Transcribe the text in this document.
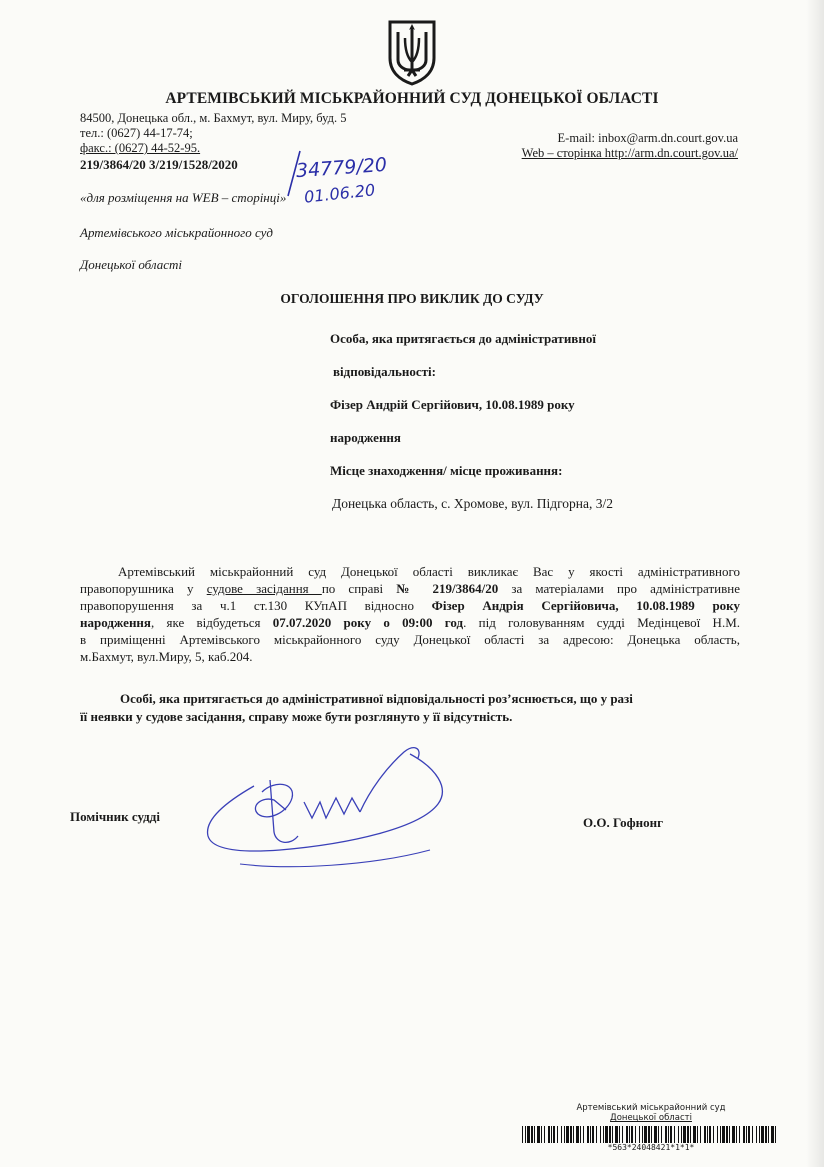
АРТЕМІВСЬКИЙ МІСЬКРАЙОННИЙ СУД ДОНЕЦЬКОЇ ОБЛАСТІ
84500, Донецька обл., м. Бахмут, вул. Миру, буд. 5
тел.: (0627) 44-17-74;
факс.: (0627) 44-52-95.
E-mail: inbox@arm.dn.court.gov.ua
Web – сторінка http://arm.dn.court.gov.ua/
219/3864/20 3/219/1528/2020	34779/20
01.06.20
«для розміщення на WEB – сторінці»
Артемівського міськрайонного суд
Донецької області
ОГОЛОШЕННЯ ПРО ВИКЛИК ДО СУДУ
Особа, яка притягається до адміністративної
відповідальності:
Фізер Андрій Сергійович, 10.08.1989 року
народження
Місце знаходження/ місце проживання:
Донецька область, с. Хромове, вул. Підгорна, 3/2
Артемівський міськрайонний суд Донецької області викликає Вас у якості адміністративного
правопорушника у судове засідання по справі № 219/3864/20 за матеріалами про адміністративне
правопорушення за ч.1 ст.130 КУпАП відносно Фізер Андрія Сергійовича, 10.08.1989 року
народження, яке відбудеться 07.07.2020 року о 09:00 год. під головуванням судді Медінцевої Н.М.
в приміщенні Артемівського міськрайонного суду Донецької області за адресою: Донецька область,
м.Бахмут, вул.Миру, 5, каб.204.
Особі, яка притягається до адміністративної відповідальності роз’яснюється, що у разі
її неявки у судове засідання, справу може бути розглянуто у її відсутність.
Помічник судді	О.О. Гофнонг
Артемівський міськрайонний суд
Донецької області
*563*24048421*1*1*
